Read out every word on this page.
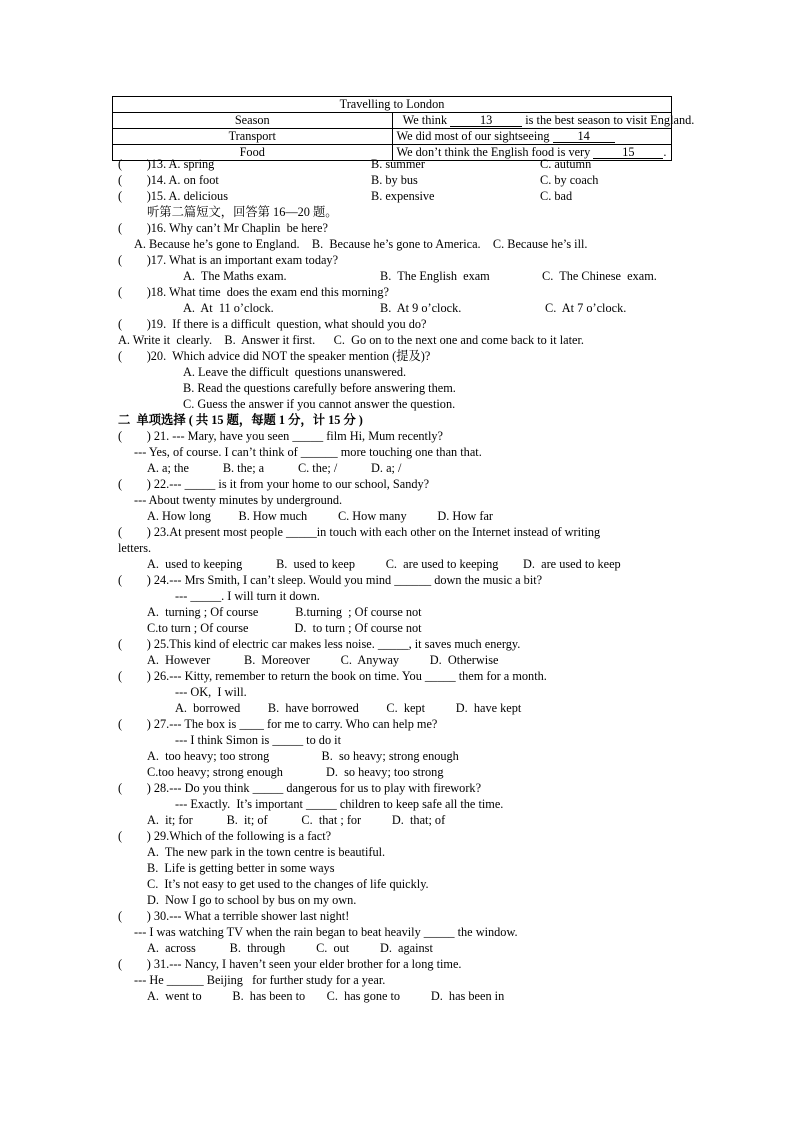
Travelling to London	
Season	We think 13 is the best season to visit England.
Transport	We did most of our sightseeing 14
Food	We don’t think the English food is very 15 .
(        )13. A. spring	B. summer	C. autumn
(        )14. A. on foot	B. by bus	C. by coach
(        )15. A. delicious	B. expensive	C. bad
听第二篇短文，回答第 16—20 题。
(        )16. Why can’t Mr Chaplin  be here?
A. Because he’s gone to England.    B.  Because he’s gone to America.    C. Because he’s ill.
(        )17. What is an important exam today?
A.  The Maths exam.	B.  The English  exam	C.  The Chinese  exam.
(        )18. What time  does the exam end this morning?
A.  At  11 o’clock.	B.  At 9 o’clock.	C.  At 7 o’clock.
(        )19.  If there is a difficult  question, what should you do?
A. Write it  clearly.    B.  Answer it first.      C.  Go on to the next one and come back to it later.
(        )20.  Which advice did NOT the speaker mention (提及)?
A. Leave the difficult  questions unanswered.
B. Read the questions carefully before answering them.
C. Guess the answer if you cannot answer the question.
二  单项选择 ( 共 15 题，每题 1 分，计 15 分 )
(        ) 21. --- Mary, have you seen _____ film Hi, Mum recently?
--- Yes, of course. I can’t think of ______ more touching one than that.
A. a; the           B. the; a           C. the; /           D. a; /
(        ) 22.--- _____ is it from your home to our school, Sandy?
--- About twenty minutes by underground.
A. How long         B. How much          C. How many          D. How far
(        ) 23.At present most people _____in touch with each other on the Internet instead of writing
letters.
A.  used to keeping           B.  used to keep          C.  are used to keeping        D.  are used to keep
(        ) 24.--- Mrs Smith, I can’t sleep. Would you mind ______ down the music a bit?
--- _____. I will turn it down.
A.  turning ; Of course            B.turning  ; Of course not
C.to turn ; Of course               D.  to turn ; Of course not
(        ) 25.This kind of electric car makes less noise. _____, it saves much energy.
A.  However           B.  Moreover          C.  Anyway          D.  Otherwise
(        ) 26.--- Kitty, remember to return the book on time. You _____ them for a month.
--- OK,  I will.
A.  borrowed         B.  have borrowed         C.  kept          D.  have kept
(        ) 27.--- The box is ____ for me to carry. Who can help me?
--- I think Simon is _____ to do it
A.  too heavy; too strong                 B.  so heavy; strong enough
C.too heavy; strong enough              D.  so heavy; too strong
(        ) 28.--- Do you think _____ dangerous for us to play with firework?
--- Exactly.  It’s important _____ children to keep safe all the time.
A.  it; for           B.  it; of           C.  that ; for          D.  that; of
(        ) 29.Which of the following is a fact?
A.  The new park in the town centre is beautiful.
B.  Life is getting better in some ways
C.  It’s not easy to get used to the changes of life quickly.
D.  Now I go to school by bus on my own.
(        ) 30.--- What a terrible shower last night!
--- I was watching TV when the rain began to beat heavily _____ the window.
A.  across           B.  through          C.  out          D.  against
(        ) 31.--- Nancy, I haven’t seen your elder brother for a long time.
--- He ______ Beijing   for further study for a year.
A.  went to          B.  has been to       C.  has gone to          D.  has been in
